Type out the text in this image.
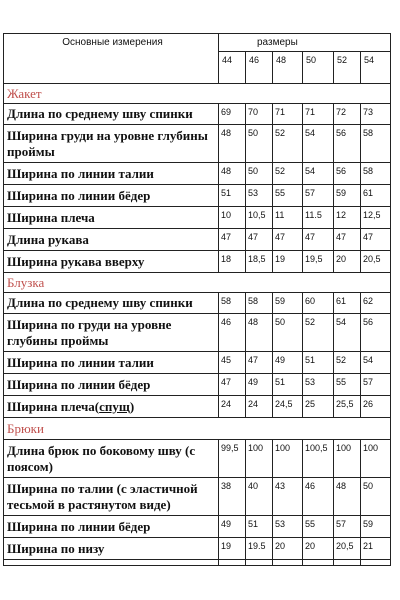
Основные измерения	размеры					
	44	46	48	50	52	54
Жакет						
Длина по среднему шву спинки	69	70	71	71	72	73
Ширина груди на уровне глубины проймы	48	50	52	54	56	58
Ширина по линии талии	48	50	52	54	56	58
Ширина по линии бёдер	51	53	55	57	59	61
Ширина плеча	10	10,5	11	11.5	12	12,5
Длина рукава	47	47	47	47	47	47
Ширина рукава вверху	18	18,5	19	19,5	20	20,5
Блузка						
Длина по среднему шву спинки	58	58	59	60	61	62
Ширина по груди на уровне глубины проймы	46	48	50	52	54	56
Ширина по линии талии	45	47	49	51	52	54
Ширина по линии бёдер	47	49	51	53	55	57
Ширина плеча(спущ)	24	24	24,5	25	25,5	26
Брюки						
Длина брюк по боковому шву (с поясом)	99,5	100	100	100,5	100	100
Ширина по талии (с эластичной тесьмой в растянутом виде)	38	40	43	46	48	50
Ширина по линии бёдер	49	51	53	55	57	59
Ширина по низу	19	19.5	20	20	20,5	21
